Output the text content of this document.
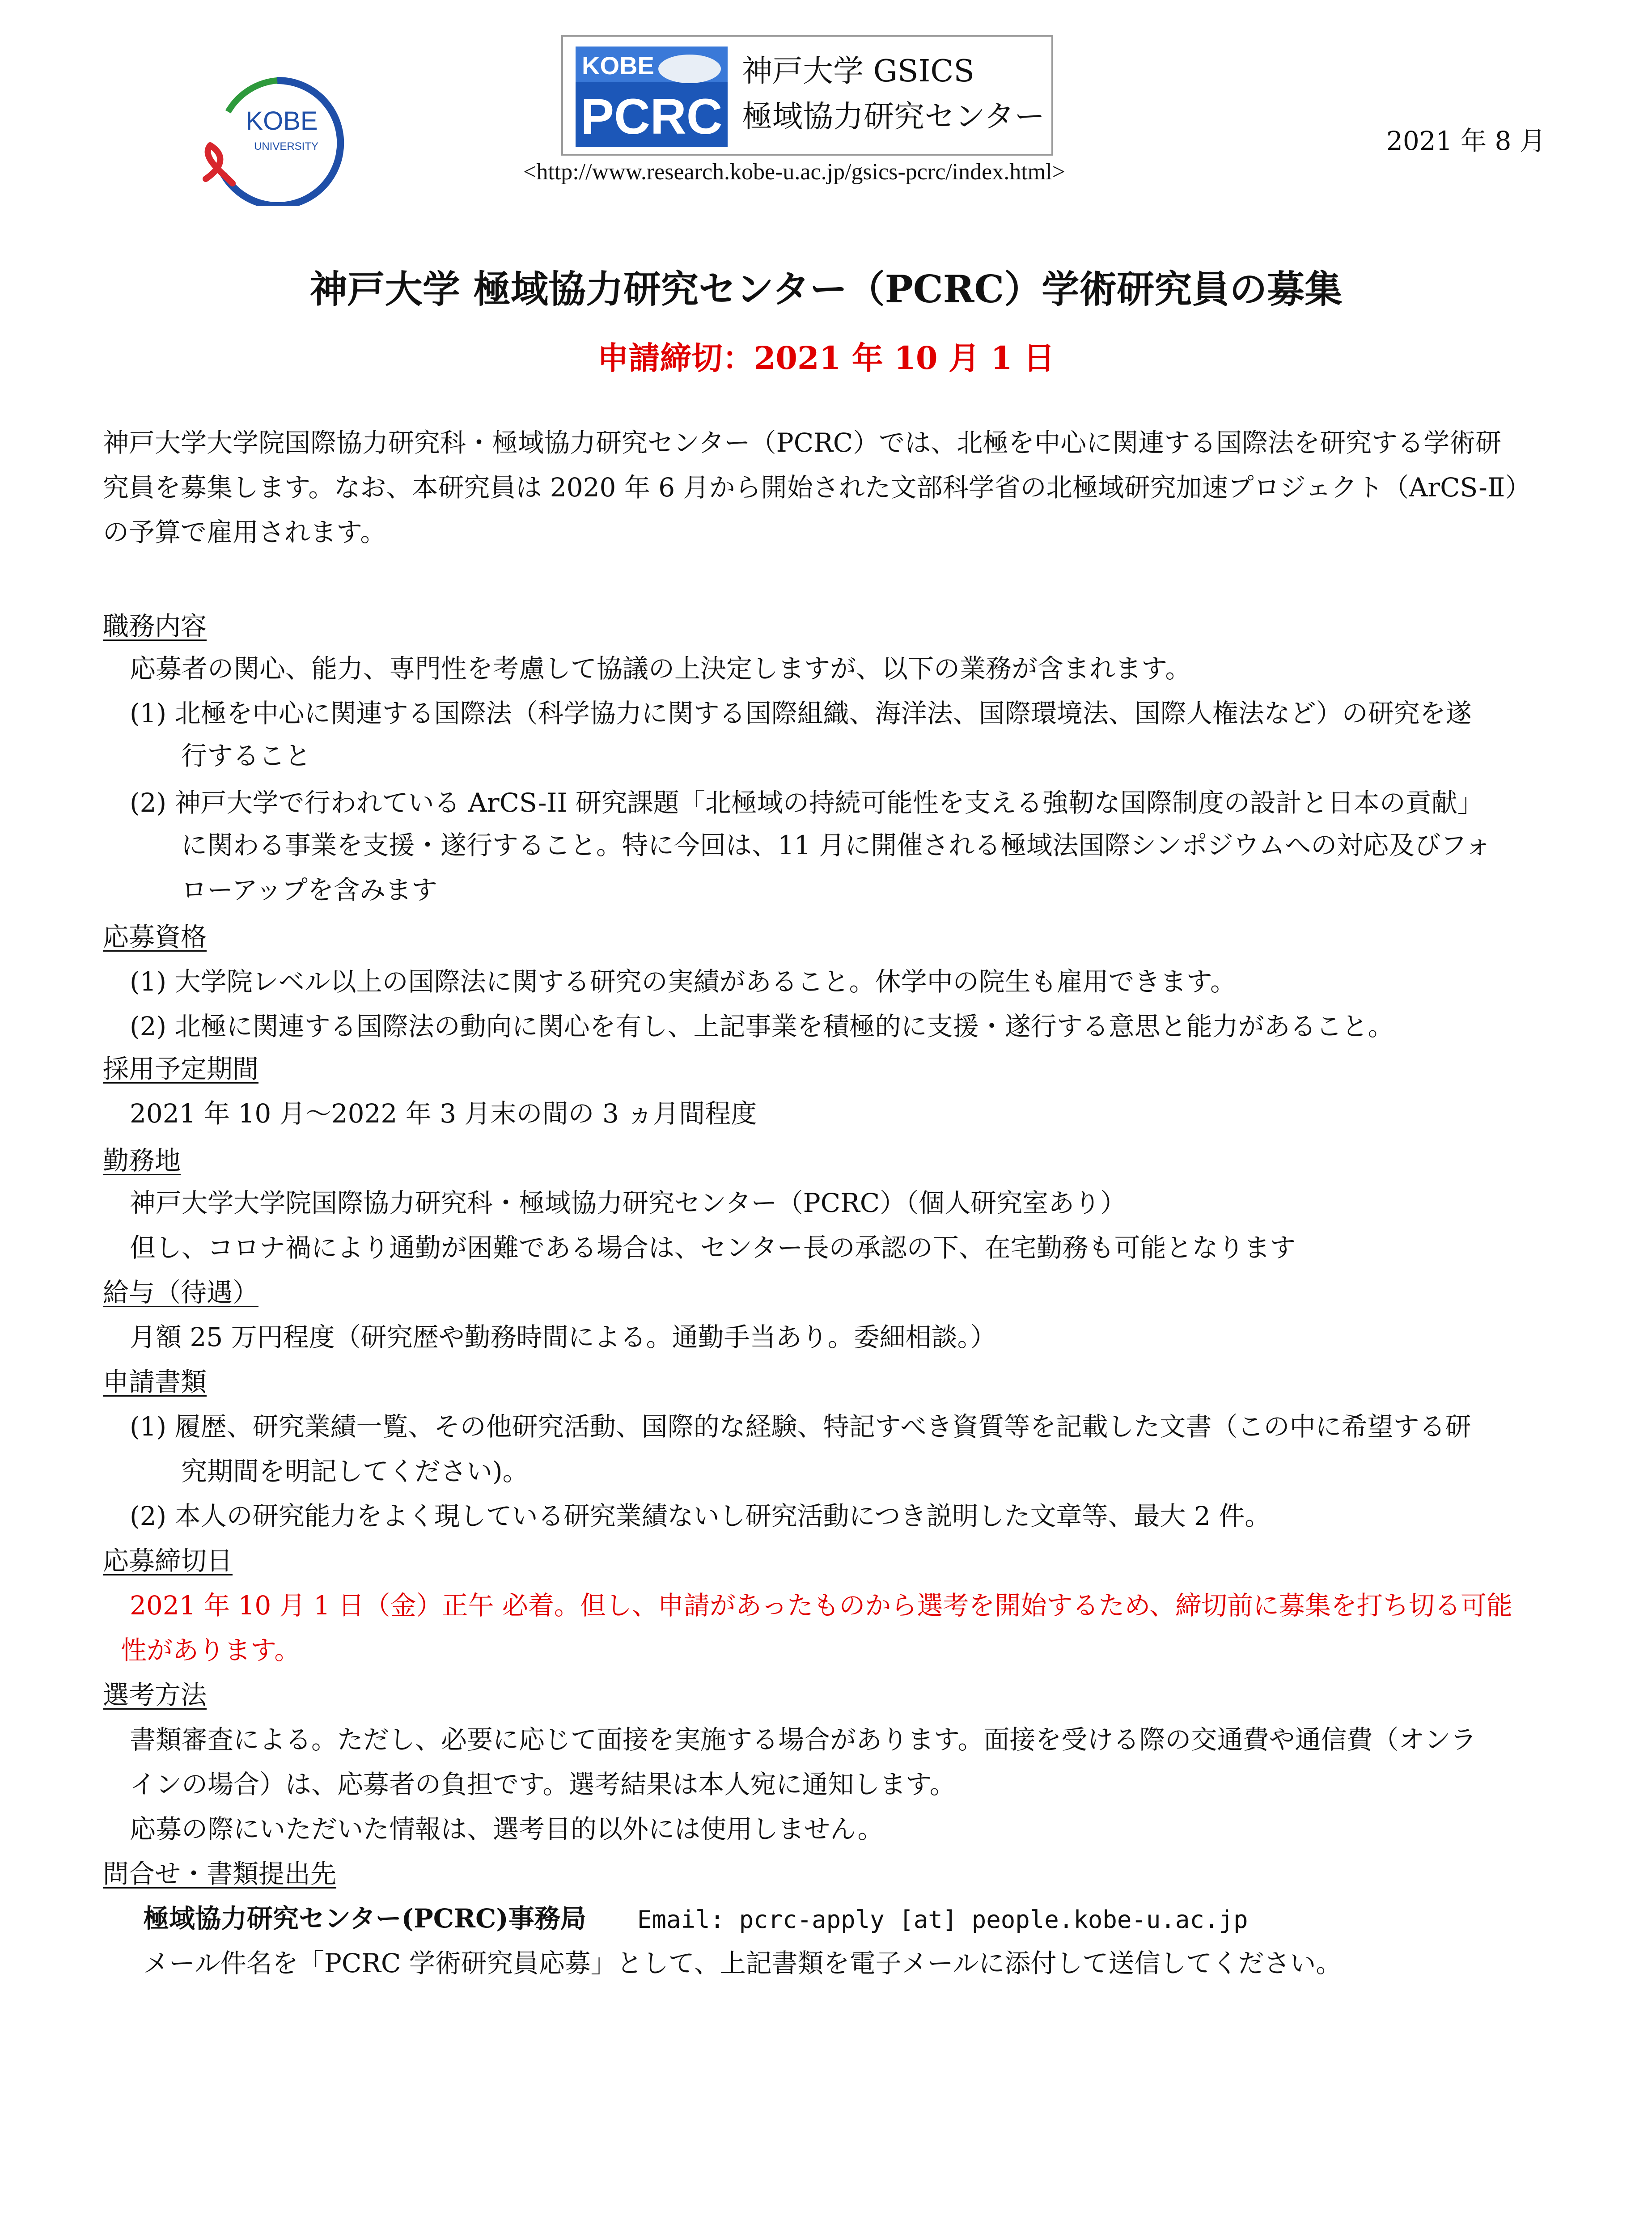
KOBE
UNIVERSITY
KOBE
PCRC
神戸大学 GSICS
極域協力研究センター
<http://www.research.kobe-u.ac.jp/gsics-pcrc/index.html>
2021 年 8 月
神戸大学 極域協力研究センター（PCRC）学術研究員の募集
申請締切：2021 年 10 月 1 日
神戸大学大学院国際協力研究科・極域協力研究センター（PCRC）では、北極を中心に関連する国際法を研究する学術研
究員を募集します。なお、本研究員は 2020 年 6 月から開始された文部科学省の北極域研究加速プロジェクト（ArCS-Ⅱ）
の予算で雇用されます。
職務内容
応募者の関心、能力、専門性を考慮して協議の上決定しますが、以下の業務が含まれます。
(1) 北極を中心に関連する国際法（科学協力に関する国際組織、海洋法、国際環境法、国際人権法など）の研究を遂
行すること
(2) 神戸大学で行われている ArCS-II 研究課題「北極域の持続可能性を支える強靭な国際制度の設計と日本の貢献」
に関わる事業を支援・遂行すること。特に今回は、11 月に開催される極域法国際シンポジウムへの対応及びフォ
ローアップを含みます
応募資格
(1) 大学院レベル以上の国際法に関する研究の実績があること。休学中の院生も雇用できます。
(2) 北極に関連する国際法の動向に関心を有し、上記事業を積極的に支援・遂行する意思と能力があること。
採用予定期間
2021 年 10 月～2022 年 3 月末の間の 3 ヵ月間程度
勤務地
神戸大学大学院国際協力研究科・極域協力研究センター（PCRC）（個人研究室あり）
但し、コロナ禍により通勤が困難である場合は、センター長の承認の下、在宅勤務も可能となります
給与（待遇）
月額 25 万円程度（研究歴や勤務時間による。通勤手当あり。委細相談。）
申請書類
(1) 履歴、研究業績一覧、その他研究活動、国際的な経験、特記すべき資質等を記載した文書（この中に希望する研
究期間を明記してください)。
(2) 本人の研究能力をよく現している研究業績ないし研究活動につき説明した文章等、最大 2 件。
応募締切日
2021 年 10 月 1 日（金）正午 必着。但し、申請があったものから選考を開始するため、締切前に募集を打ち切る可能
性があります。
選考方法
書類審査による。ただし、必要に応じて面接を実施する場合があります。面接を受ける際の交通費や通信費（オンラ
インの場合）は、応募者の負担です。選考結果は本人宛に通知します。
応募の際にいただいた情報は、選考目的以外には使用しません。
問合せ・書類提出先
極域協力研究センター(PCRC)事務局 Email: pcrc-apply [at] people.kobe-u.ac.jp
メール件名を「PCRC 学術研究員応募」として、上記書類を電子メールに添付して送信してください。
